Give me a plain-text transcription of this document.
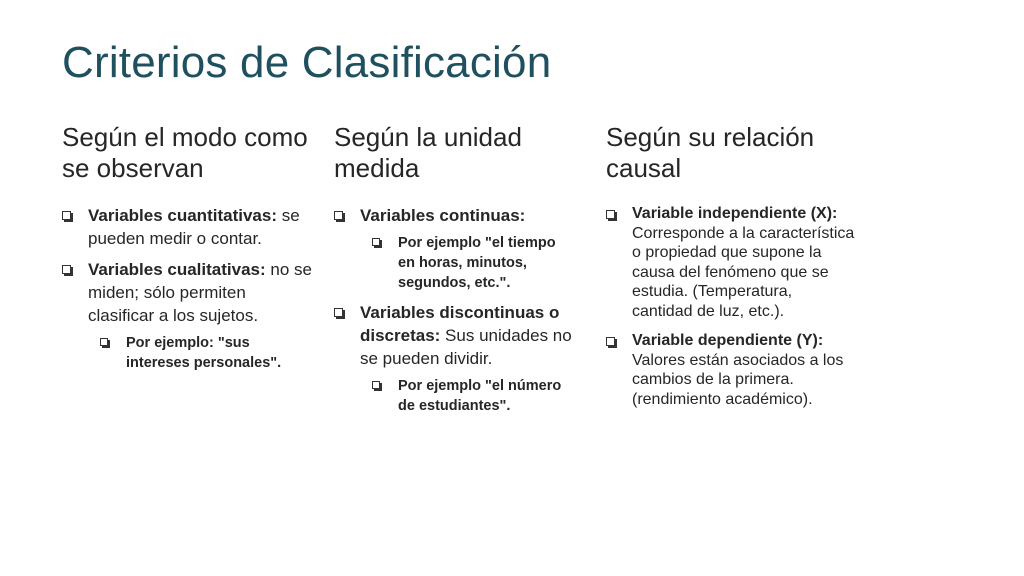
Criterios de Clasificación
Según el modo como se observan
Variables cuantitativas: se pueden medir o contar.
Variables cualitativas: no se miden; sólo permiten clasificar a los sujetos.
Por ejemplo: "sus intereses personales".
Según la unidad medida
Variables continuas:
Por ejemplo "el tiempo en horas, minutos, segundos, etc.".
Variables discontinuas o discretas: Sus unidades no se pueden dividir.
Por ejemplo "el número de estudiantes".
Según su relación causal
Variable independiente (X): Corresponde a la característica o propiedad que supone la causa del fenómeno que se estudia. (Temperatura, cantidad de luz, etc.).
Variable dependiente (Y): Valores están asociados a los cambios de la primera. (rendimiento académico).
